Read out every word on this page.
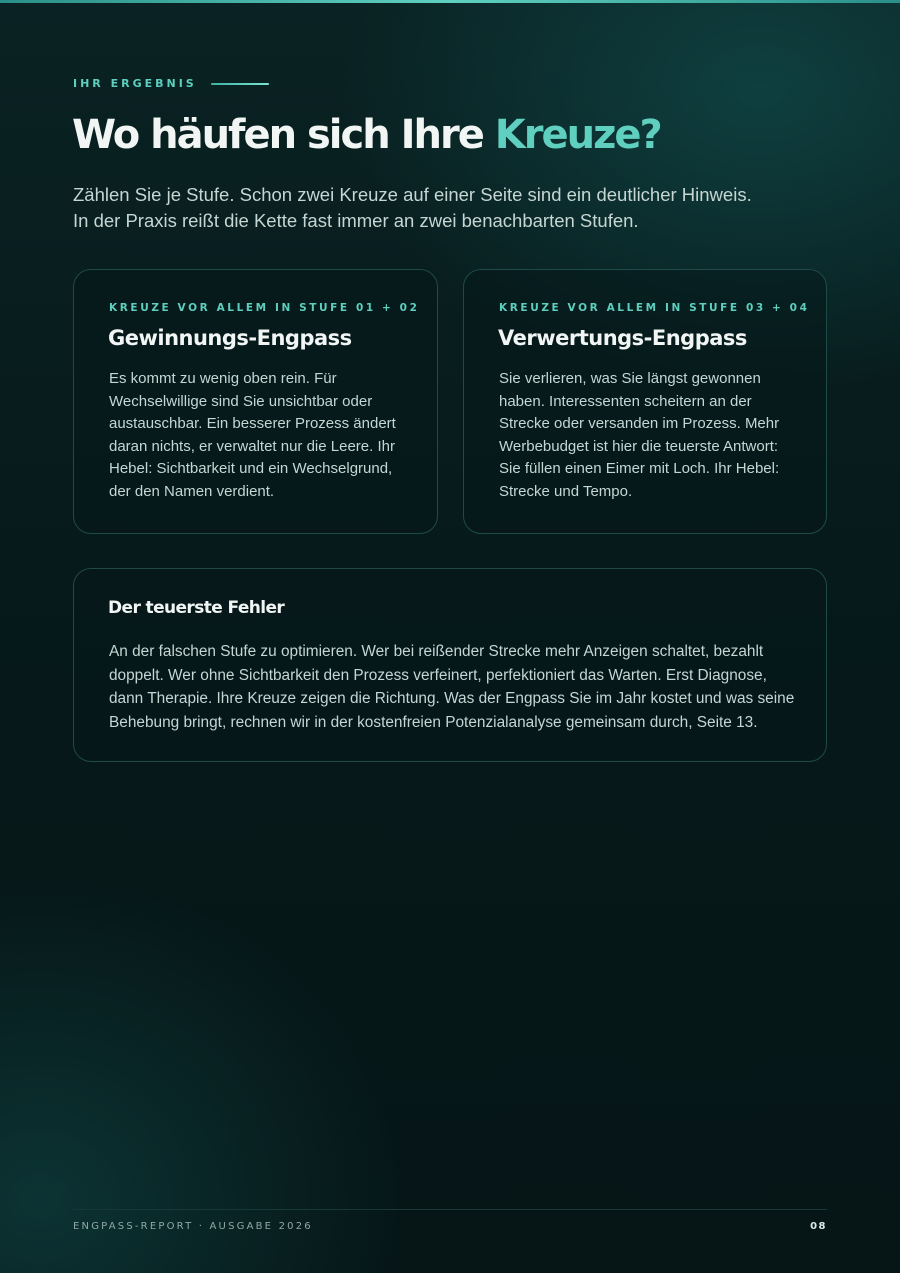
IHR ERGEBNIS
Wo häufen sich Ihre Kreuze?

Zählen Sie je Stufe. Schon zwei Kreuze auf einer Seite sind ein deutlicher Hinweis. In der Praxis reißt die Kette fast immer an zwei benachbarten Stufen.

KREUZE VOR ALLEM IN STUFE 01 + 02
Gewinnungs-Engpass

Es kommt zu wenig oben rein. Für Wechselwillige sind Sie unsichtbar oder austauschbar. Ein besserer Prozess ändert daran nichts, er verwaltet nur die Leere. Ihr Hebel: Sichtbarkeit und ein Wechselgrund, der den Namen verdient.

KREUZE VOR ALLEM IN STUFE 03 + 04
Verwertungs-Engpass

Sie verlieren, was Sie längst gewonnen haben. Interessenten scheitern an der Strecke oder versanden im Prozess. Mehr Werbebudget ist hier die teuerste Antwort: Sie füllen einen Eimer mit Loch. Ihr Hebel: Strecke und Tempo.

Der teuerste Fehler

An der falschen Stufe zu optimieren. Wer bei reißender Strecke mehr Anzeigen schaltet, bezahlt doppelt. Wer ohne Sichtbarkeit den Prozess verfeinert, perfektioniert das Warten. Erst Diagnose, dann Therapie. Ihre Kreuze zeigen die Richtung. Was der Engpass Sie im Jahr kostet und was seine Behebung bringt, rechnen wir in der kostenfreien Potenzialanalyse gemeinsam durch, Seite 13.

ENGPASS-REPORT · AUSGABE 2026	08
